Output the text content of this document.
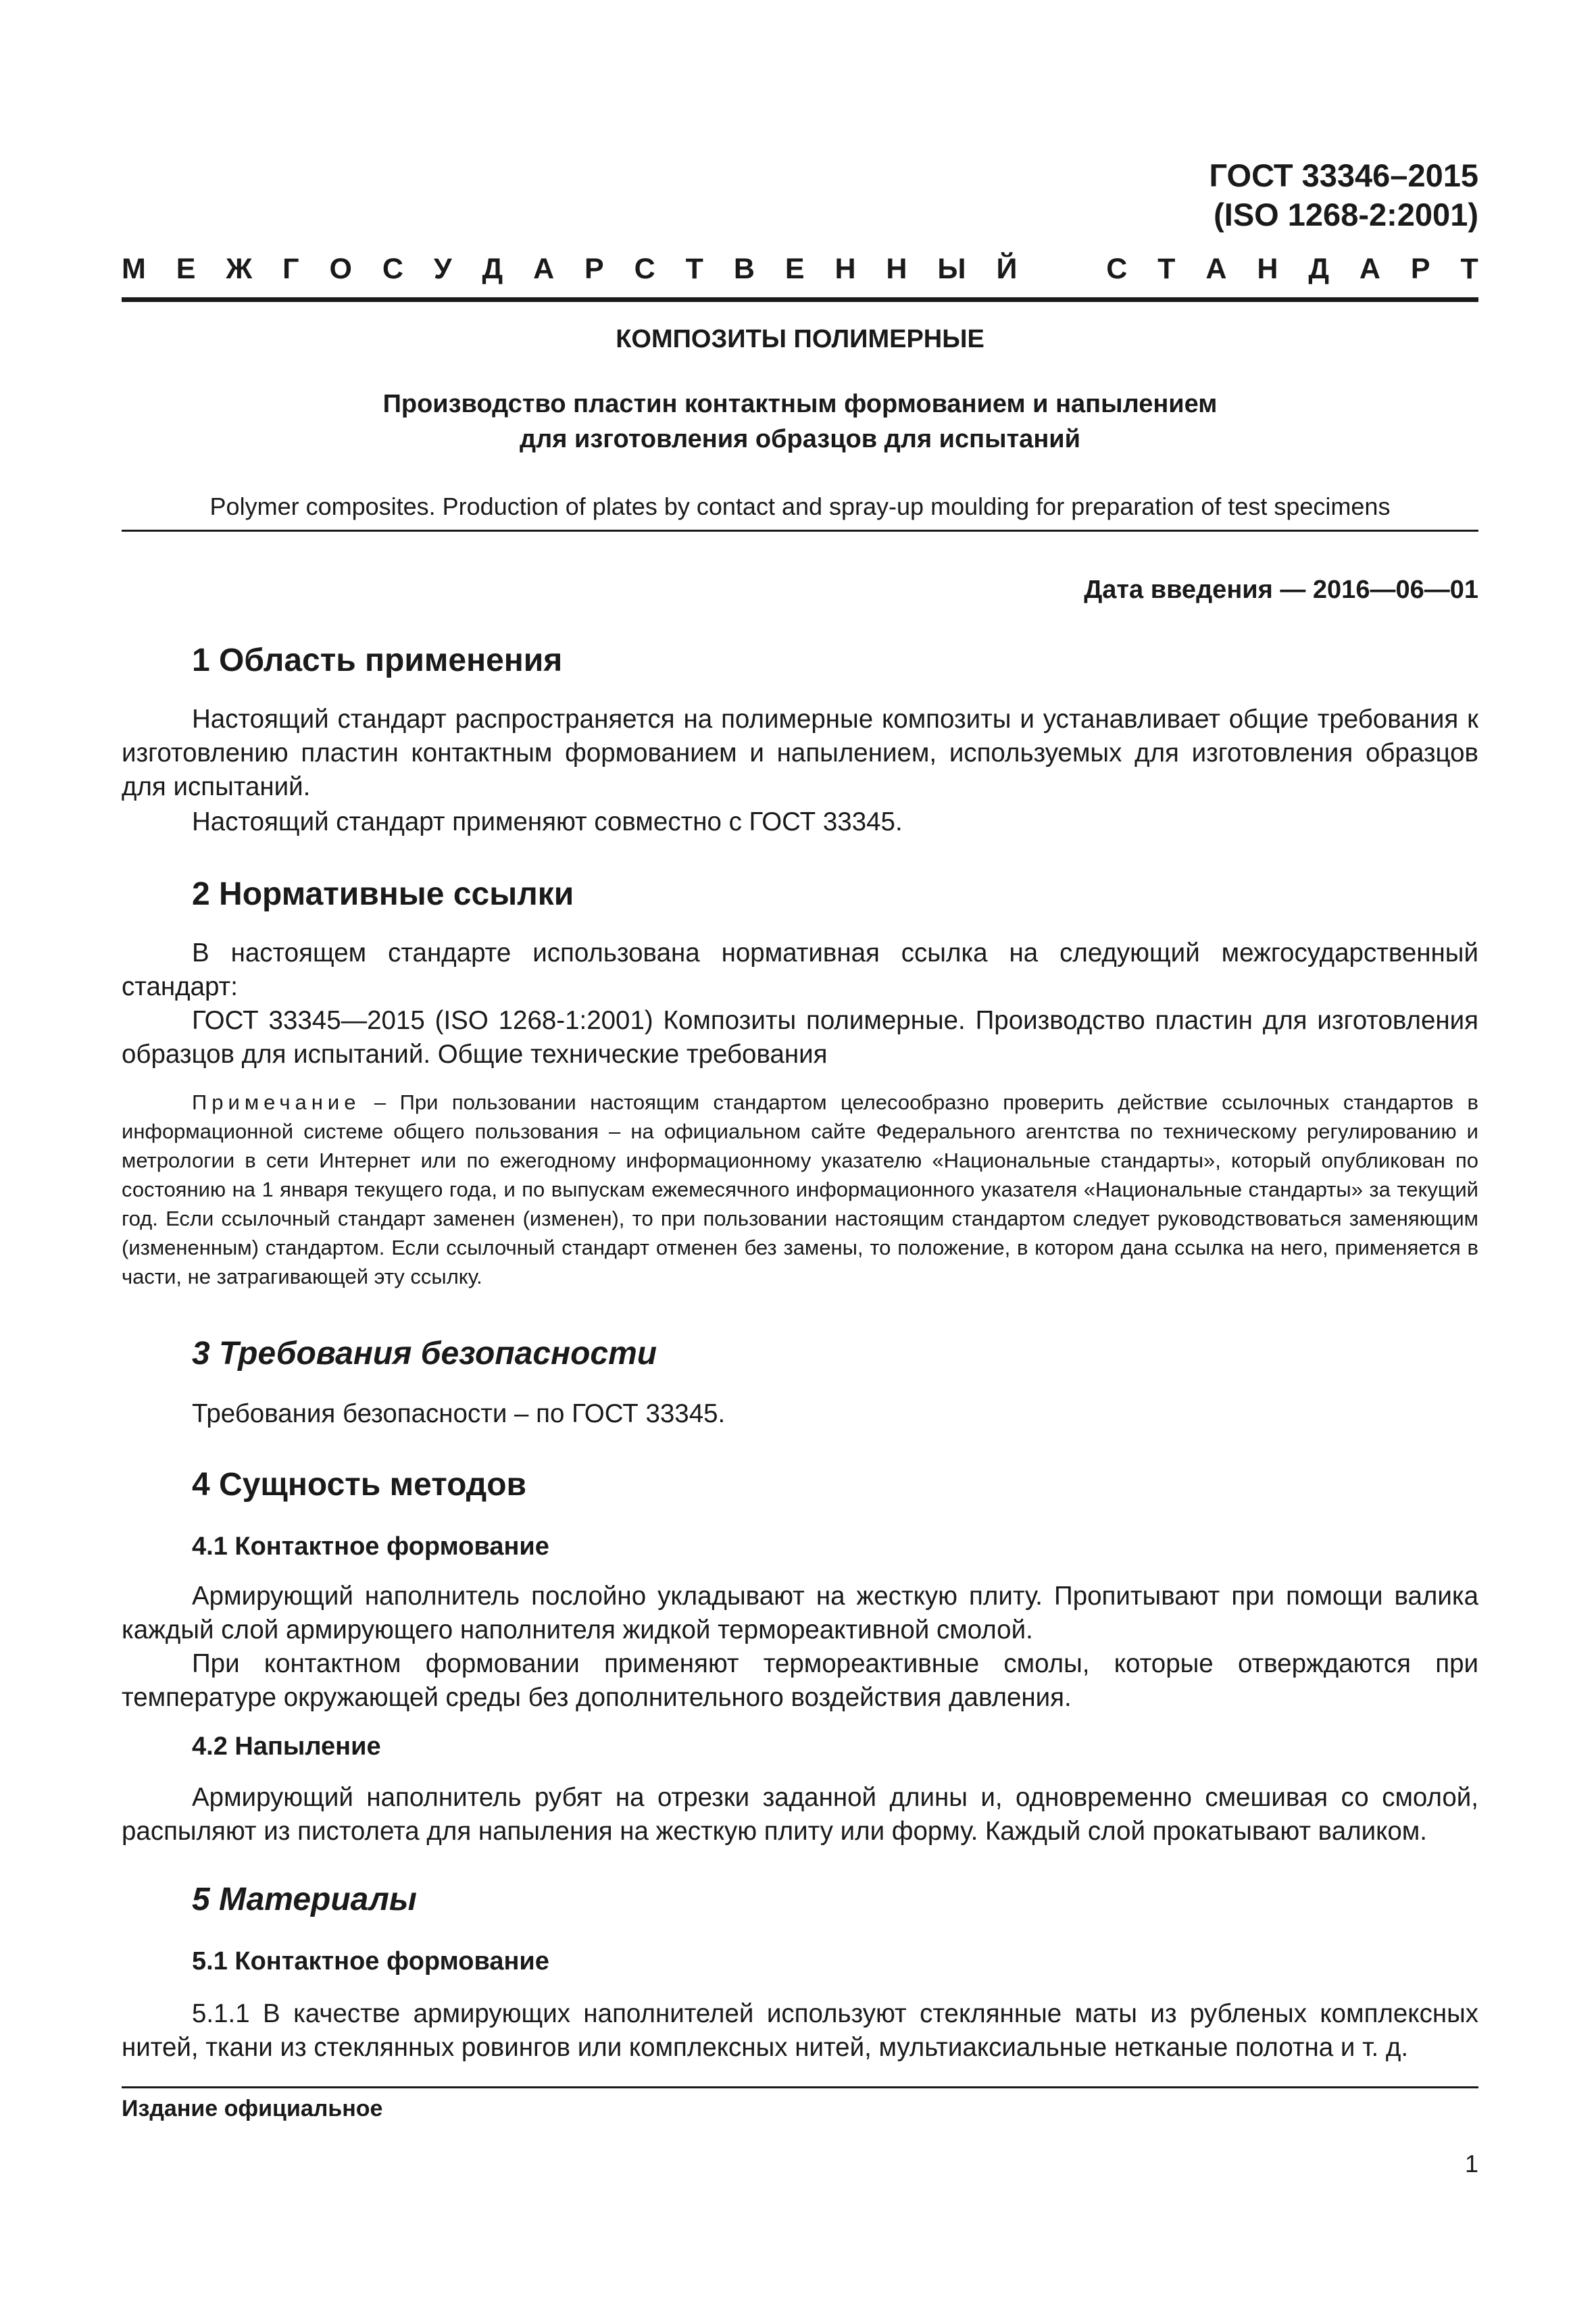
ГОСТ 33346–2015
(ISO 1268-2:2001)
М Е Ж Г О С У Д А Р С Т В Е Н Н Ы Й	С Т А Н Д А Р Т
КОМПОЗИТЫ ПОЛИМЕРНЫЕ
Производство пластин контактным формованием и напылением
для изготовления образцов для испытаний
Polymer composites. Production of plates by contact and spray-up moulding for preparation of test specimens
Дата введения — 2016—06—01
1 Область применения
Настоящий стандарт распространяется на полимерные композиты и устанавливает общие требования к изготовлению пластин контактным формованием и напылением, используемых для изготовления образцов для испытаний.
Настоящий стандарт применяют совместно с ГОСТ 33345.
2 Нормативные ссылки
В настоящем стандарте использована нормативная ссылка на следующий межгосударственный стандарт:
ГОСТ 33345—2015 (ISO 1268-1:2001) Композиты полимерные. Производство пластин для изготовления образцов для испытаний. Общие технические требования
Примечание – При пользовании настоящим стандартом целесообразно проверить действие ссылочных стандартов в информационной системе общего пользования – на официальном сайте Федерального агентства по техническому регулированию и метрологии в сети Интернет или по ежегодному информационному указателю «Национальные стандарты», который опубликован по состоянию на 1 января текущего года, и по выпускам ежемесячного информационного указателя «Национальные стандарты» за текущий год. Если ссылочный стандарт заменен (изменен), то при пользовании настоящим стандартом следует руководствоваться заменяющим (измененным) стандартом. Если ссылочный стандарт отменен без замены, то положение, в котором дана ссылка на него, применяется в части, не затрагивающей эту ссылку.
3 Требования безопасности
Требования безопасности – по ГОСТ 33345.
4 Сущность методов
4.1 Контактное формование
Армирующий наполнитель послойно укладывают на жесткую плиту. Пропитывают при помощи валика каждый слой армирующего наполнителя жидкой термореактивной смолой.
При контактном формовании применяют термореактивные смолы, которые отверждаются при температуре окружающей среды без дополнительного воздействия давления.
4.2 Напыление
Армирующий наполнитель рубят на отрезки заданной длины и, одновременно смешивая со смолой, распыляют из пистолета для напыления на жесткую плиту или форму. Каждый слой прокатывают валиком.
5 Материалы
5.1 Контактное формование
5.1.1 В качестве армирующих наполнителей используют стеклянные маты из рубленых комплексных нитей, ткани из стеклянных ровингов или комплексных нитей, мультиаксиальные нетканые полотна и т. д.
Издание официальное
1
